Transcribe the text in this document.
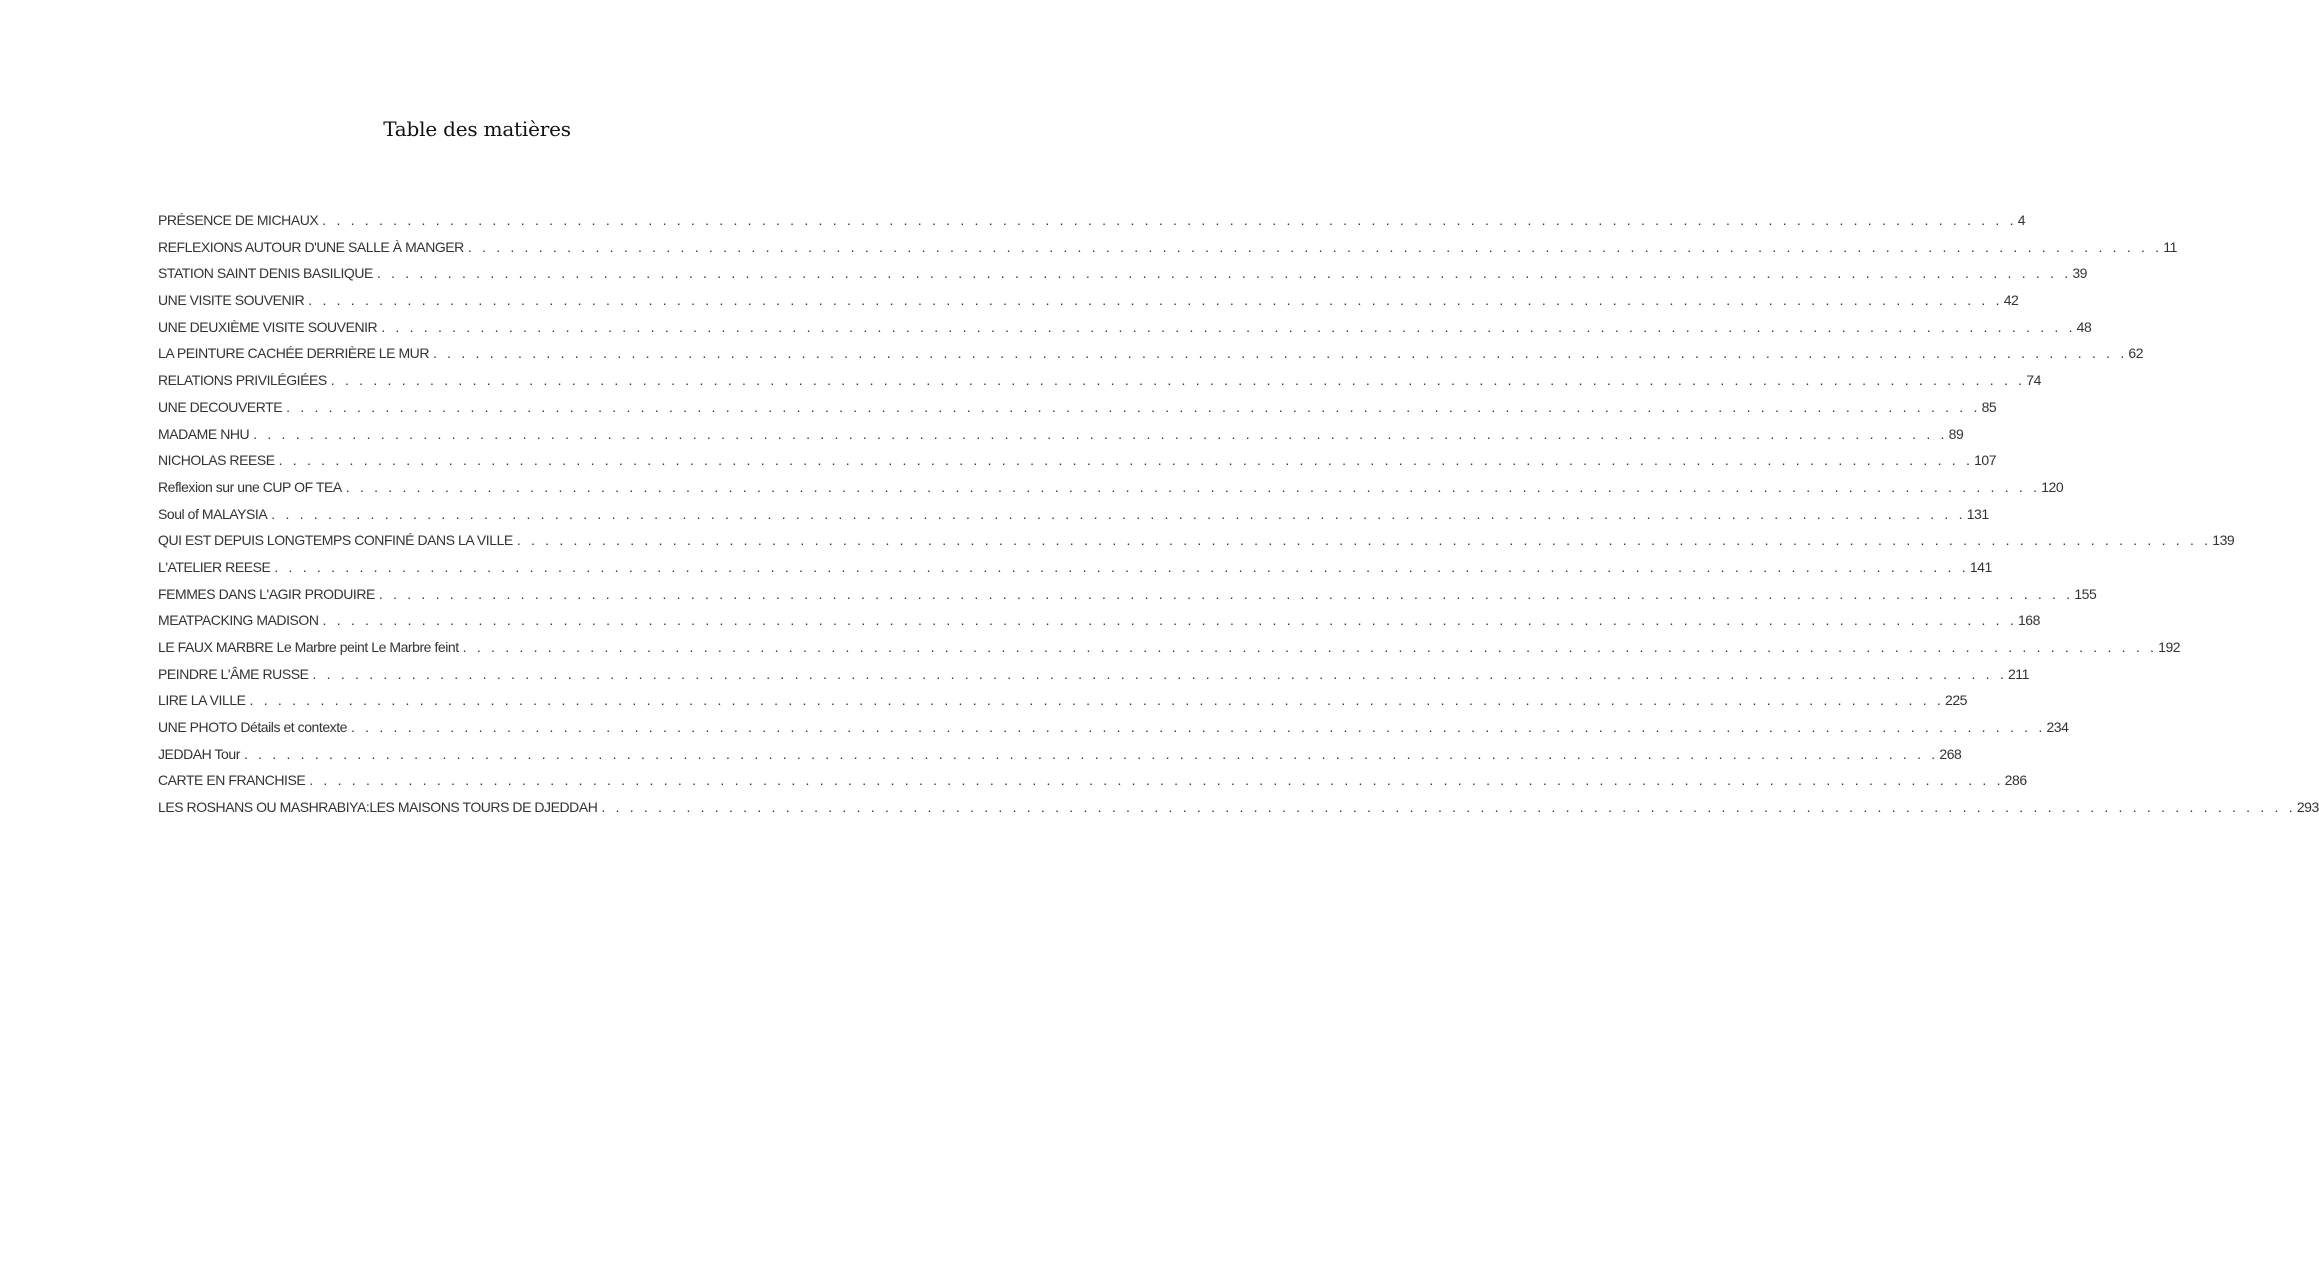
Table des matières
PRÉSENCE DE MICHAUX . . . . . . . . . . . . . . . . . . . . . . . . . . . . . . . . . . . . . . . . . . . . . . . . . . . . . . . . . . . . . . . . . . . . . . . . . . . . . . . . . . . . . . . . . . . . . . . . . . . . . . . . . . . . . . . . . . . . . . . . 4
REFLEXIONS AUTOUR D'UNE SALLE À MANGER . . . . . . . . . . . . . . . . . . . . . . . . . . . . . . . . . . . . . . . . . . . . . . . . . . . . . . . . . . . . . . . . . . . . . . . . . . . . . . . . . . . . . . . . . . . . . . . . . . . . . . . . . . . . . . . . . . . . . . . . 11
STATION SAINT DENIS BASILIQUE . . . . . . . . . . . . . . . . . . . . . . . . . . . . . . . . . . . . . . . . . . . . . . . . . . . . . . . . . . . . . . . . . . . . . . . . . . . . . . . . . . . . . . . . . . . . . . . . . . . . . . . . . . . . . . . . . . . . . . . . 39
UNE VISITE SOUVENIR . . . . . . . . . . . . . . . . . . . . . . . . . . . . . . . . . . . . . . . . . . . . . . . . . . . . . . . . . . . . . . . . . . . . . . . . . . . . . . . . . . . . . . . . . . . . . . . . . . . . . . . . . . . . . . . . . . . . . . . . 42
UNE DEUXIÈME VISITE SOUVENIR . . . . . . . . . . . . . . . . . . . . . . . . . . . . . . . . . . . . . . . . . . . . . . . . . . . . . . . . . . . . . . . . . . . . . . . . . . . . . . . . . . . . . . . . . . . . . . . . . . . . . . . . . . . . . . . . . . . . . . . . 48
LA PEINTURE CACHÉE DERRIÈRE LE MUR . . . . . . . . . . . . . . . . . . . . . . . . . . . . . . . . . . . . . . . . . . . . . . . . . . . . . . . . . . . . . . . . . . . . . . . . . . . . . . . . . . . . . . . . . . . . . . . . . . . . . . . . . . . . . . . . . . . . . . . . 62
RELATIONS PRIVILÉGIÉES . . . . . . . . . . . . . . . . . . . . . . . . . . . . . . . . . . . . . . . . . . . . . . . . . . . . . . . . . . . . . . . . . . . . . . . . . . . . . . . . . . . . . . . . . . . . . . . . . . . . . . . . . . . . . . . . . . . . . . . . 74
UNE DECOUVERTE . . . . . . . . . . . . . . . . . . . . . . . . . . . . . . . . . . . . . . . . . . . . . . . . . . . . . . . . . . . . . . . . . . . . . . . . . . . . . . . . . . . . . . . . . . . . . . . . . . . . . . . . . . . . . . . . . . . . . . . . 85
MADAME NHU . . . . . . . . . . . . . . . . . . . . . . . . . . . . . . . . . . . . . . . . . . . . . . . . . . . . . . . . . . . . . . . . . . . . . . . . . . . . . . . . . . . . . . . . . . . . . . . . . . . . . . . . . . . . . . . . . . . . . . . . 89
NICHOLAS REESE . . . . . . . . . . . . . . . . . . . . . . . . . . . . . . . . . . . . . . . . . . . . . . . . . . . . . . . . . . . . . . . . . . . . . . . . . . . . . . . . . . . . . . . . . . . . . . . . . . . . . . . . . . . . . . . . . . . . . . . . 107
Reflexion sur une CUP OF TEA . . . . . . . . . . . . . . . . . . . . . . . . . . . . . . . . . . . . . . . . . . . . . . . . . . . . . . . . . . . . . . . . . . . . . . . . . . . . . . . . . . . . . . . . . . . . . . . . . . . . . . . . . . . . . . . . . . . . . . . . 120
Soul of MALAYSIA . . . . . . . . . . . . . . . . . . . . . . . . . . . . . . . . . . . . . . . . . . . . . . . . . . . . . . . . . . . . . . . . . . . . . . . . . . . . . . . . . . . . . . . . . . . . . . . . . . . . . . . . . . . . . . . . . . . . . . . . 131
QUI EST DEPUIS LONGTEMPS CONFINÉ DANS LA VILLE . . . . . . . . . . . . . . . . . . . . . . . . . . . . . . . . . . . . . . . . . . . . . . . . . . . . . . . . . . . . . . . . . . . . . . . . . . . . . . . . . . . . . . . . . . . . . . . . . . . . . . . . . . . . . . . . . . . . . . . . 139
L'ATELIER REESE . . . . . . . . . . . . . . . . . . . . . . . . . . . . . . . . . . . . . . . . . . . . . . . . . . . . . . . . . . . . . . . . . . . . . . . . . . . . . . . . . . . . . . . . . . . . . . . . . . . . . . . . . . . . . . . . . . . . . . . . 141
FEMMES DANS L'AGIR PRODUIRE . . . . . . . . . . . . . . . . . . . . . . . . . . . . . . . . . . . . . . . . . . . . . . . . . . . . . . . . . . . . . . . . . . . . . . . . . . . . . . . . . . . . . . . . . . . . . . . . . . . . . . . . . . . . . . . . . . . . . . . . 155
MEATPACKING MADISON . . . . . . . . . . . . . . . . . . . . . . . . . . . . . . . . . . . . . . . . . . . . . . . . . . . . . . . . . . . . . . . . . . . . . . . . . . . . . . . . . . . . . . . . . . . . . . . . . . . . . . . . . . . . . . . . . . . . . . . . 168
LE FAUX MARBRE Le Marbre peint Le Marbre feint . . . . . . . . . . . . . . . . . . . . . . . . . . . . . . . . . . . . . . . . . . . . . . . . . . . . . . . . . . . . . . . . . . . . . . . . . . . . . . . . . . . . . . . . . . . . . . . . . . . . . . . . . . . . . . . . . . . . . . . . 192
PEINDRE L'ÂME RUSSE . . . . . . . . . . . . . . . . . . . . . . . . . . . . . . . . . . . . . . . . . . . . . . . . . . . . . . . . . . . . . . . . . . . . . . . . . . . . . . . . . . . . . . . . . . . . . . . . . . . . . . . . . . . . . . . . . . . . . . . . 211
LIRE LA VILLE . . . . . . . . . . . . . . . . . . . . . . . . . . . . . . . . . . . . . . . . . . . . . . . . . . . . . . . . . . . . . . . . . . . . . . . . . . . . . . . . . . . . . . . . . . . . . . . . . . . . . . . . . . . . . . . . . . . . . . . . 225
UNE PHOTO Détails et contexte . . . . . . . . . . . . . . . . . . . . . . . . . . . . . . . . . . . . . . . . . . . . . . . . . . . . . . . . . . . . . . . . . . . . . . . . . . . . . . . . . . . . . . . . . . . . . . . . . . . . . . . . . . . . . . . . . . . . . . . . 234
JEDDAH Tour . . . . . . . . . . . . . . . . . . . . . . . . . . . . . . . . . . . . . . . . . . . . . . . . . . . . . . . . . . . . . . . . . . . . . . . . . . . . . . . . . . . . . . . . . . . . . . . . . . . . . . . . . . . . . . . . . . . . . . . . 268
CARTE EN FRANCHISE . . . . . . . . . . . . . . . . . . . . . . . . . . . . . . . . . . . . . . . . . . . . . . . . . . . . . . . . . . . . . . . . . . . . . . . . . . . . . . . . . . . . . . . . . . . . . . . . . . . . . . . . . . . . . . . . . . . . . . . . 286
LES ROSHANS OU MASHRABIYA:LES MAISONS TOURS DE DJEDDAH . . . . . . . . . . . . . . . . . . . . . . . . . . . . . . . . . . . . . . . . . . . . . . . . . . . . . . . . . . . . . . . . . . . . . . . . . . . . . . . . . . . . . . . . . . . . . . . . . . . . . . . . . . . . . . . . . . . . . . . . 293
